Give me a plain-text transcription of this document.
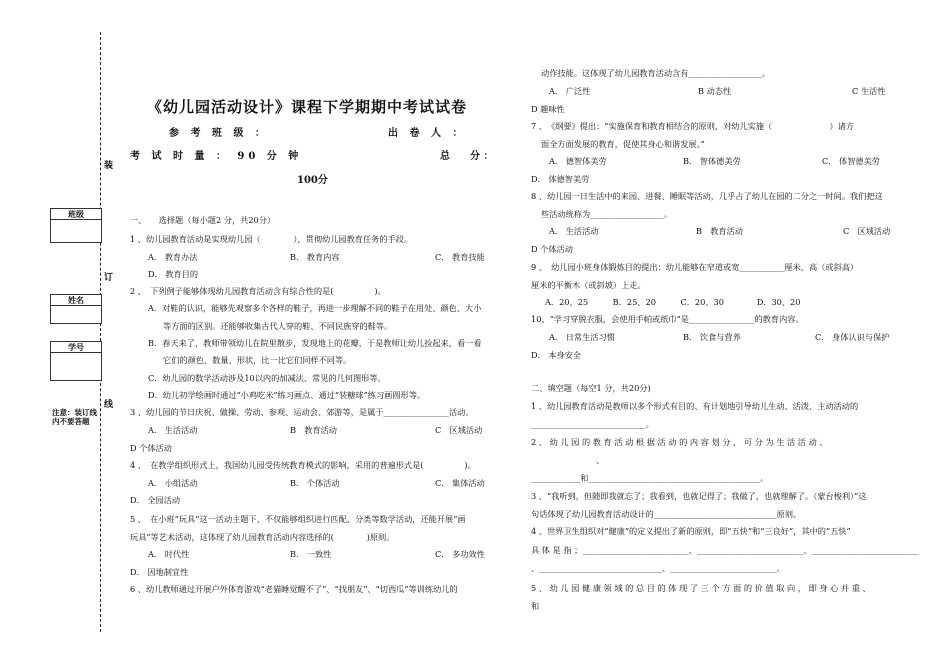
装
订
线
班级
姓名
学号
注意：装订线内不要答题
《幼儿园活动设计》课程下学期期中考试试卷
参 考 班 级 ：	出 卷 人 ：
考 试 时 量 ： 90 分 钟	总　　分 ：
100分
一、　　选择题（每小题2 分，共20分）
1 、幼儿园教育活动是实现幼儿园（　　　　），贯彻幼儿园教育任务的手段。
A． 教育办法	B． 教育内容	C． 教育技能
D． 教育目的
2 、　下列例子能够体现幼儿园教育活动含有综合性的是(　　　　　)。
A．对鞋的认识，能够先观察多个各样的鞋子，再进一步理解不同的鞋子在用处、颜色、大小
等方面的区别。还能够收集古代人穿的鞋、不同民族穿的鞋等。
B．春天来了，教师带领幼儿在院里散步，发现地上的花瓣，于是教师让幼儿捡起来，看一看
它们的颜色、数量、形状，比一比它们同样不同等。
C．幼儿园的数学活动涉及10以内的加减法、常见的几何图形等。
D．幼儿初学绘画时通过“小鸡吃米”练习画点、通过“装糖球”练习画圆形等。
3 、幼儿园的节日庆祝、做操、劳动、参观、运动会、郊游等，是属于________________活动。
A.　生活活动	B　教育活动	C　区域活动
D 个体活动
4 、　在教学组织形式上，我国幼儿园受传统教育模式的影响，采用的普遍形式是(　　　　　)。
A． 小组活动	B． 个体活动	C． 集体活动
D． 全园活动
5 、　在小班“玩具”这一活动主题下，不仅能够组织进行匹配、分类等数学活动，还能开展“画
玩具”等艺术活动，这体现了幼儿园教育活动内容选择的(　　　　)原则。
A． 时代性	B． 一致性	C． 多功效性
D． 因地制宜性
6 、幼儿教师通过开展户外体育游戏“老猫睡觉醒不了”、“找朋友”、“切西瓜”等训练幼儿的
动作技能。这体现了幼儿园教育活动含有__________________。
A.　广泛性	B 动态性	C 生活性
D 趣味性
7 、　《纲要》提出：“实施保育和教育相结合的原则，对幼儿实施（　　　　　　　）诸方
面全方面发展的教育，促使其身心和谐发展。”
A． 德智体美劳	B． 智体德美劳	C． 体智德美劳
D． 体德智美劳
8 、幼儿园一日生活中的来园、进餐、睡眠等活动，几乎占了幼儿在园的二分之一时间。我们把这
些活动统称为__________________。
A.　生活活动	B　教育活动	C　区域活动
D 个体活动
9 、　幼儿园小班身体锻炼目的提出：幼儿能够在窄道或宽___________厘米、高（或斜高）
厘米的平衡木（或斜坡）上走。
A．20、25　　　B．25、20　　　C．20、30　　　　D．30、20
10、“学习穿脱衣服，会使用手帕或纸巾”是________________的教育内容。
A． 日常生活习惯	B． 饮食与营养	C． 身体认识与保护
D． 本身安全
二、填空题（每空1 分，共20分)
1 、幼儿园教育活动是教师以多个形式有目的、有计划地引导幼儿生动、活泼、主动活动的
____________________________。
2 、 幼 儿 园 的 教 育 活 动 根 据 活 动 的 内 容 划 分 ， 可 分 为 生 活 活 动 、
、
____________和__________________________________________。
3 、“我听到，但随即我就忘了；我看到，也就记得了；我做了，也就理解了。（蒙台梭利）”这
句话体现了幼儿园教育活动设计的______________________________原则。
4 、世界卫生组织对“健康”的定义提出了新的原则，即“五快”和“三良好”，其中的“五快”
具 体 是 指 ；__________________________、__________________________、__________________________
、______________________________、__________________________。
5 、 幼 儿 园 健 康 领 域 的 总 目 的 体 现 了 三 个 方 面 的 价 值 取 向 ， 即 身 心 并 重 、
和
